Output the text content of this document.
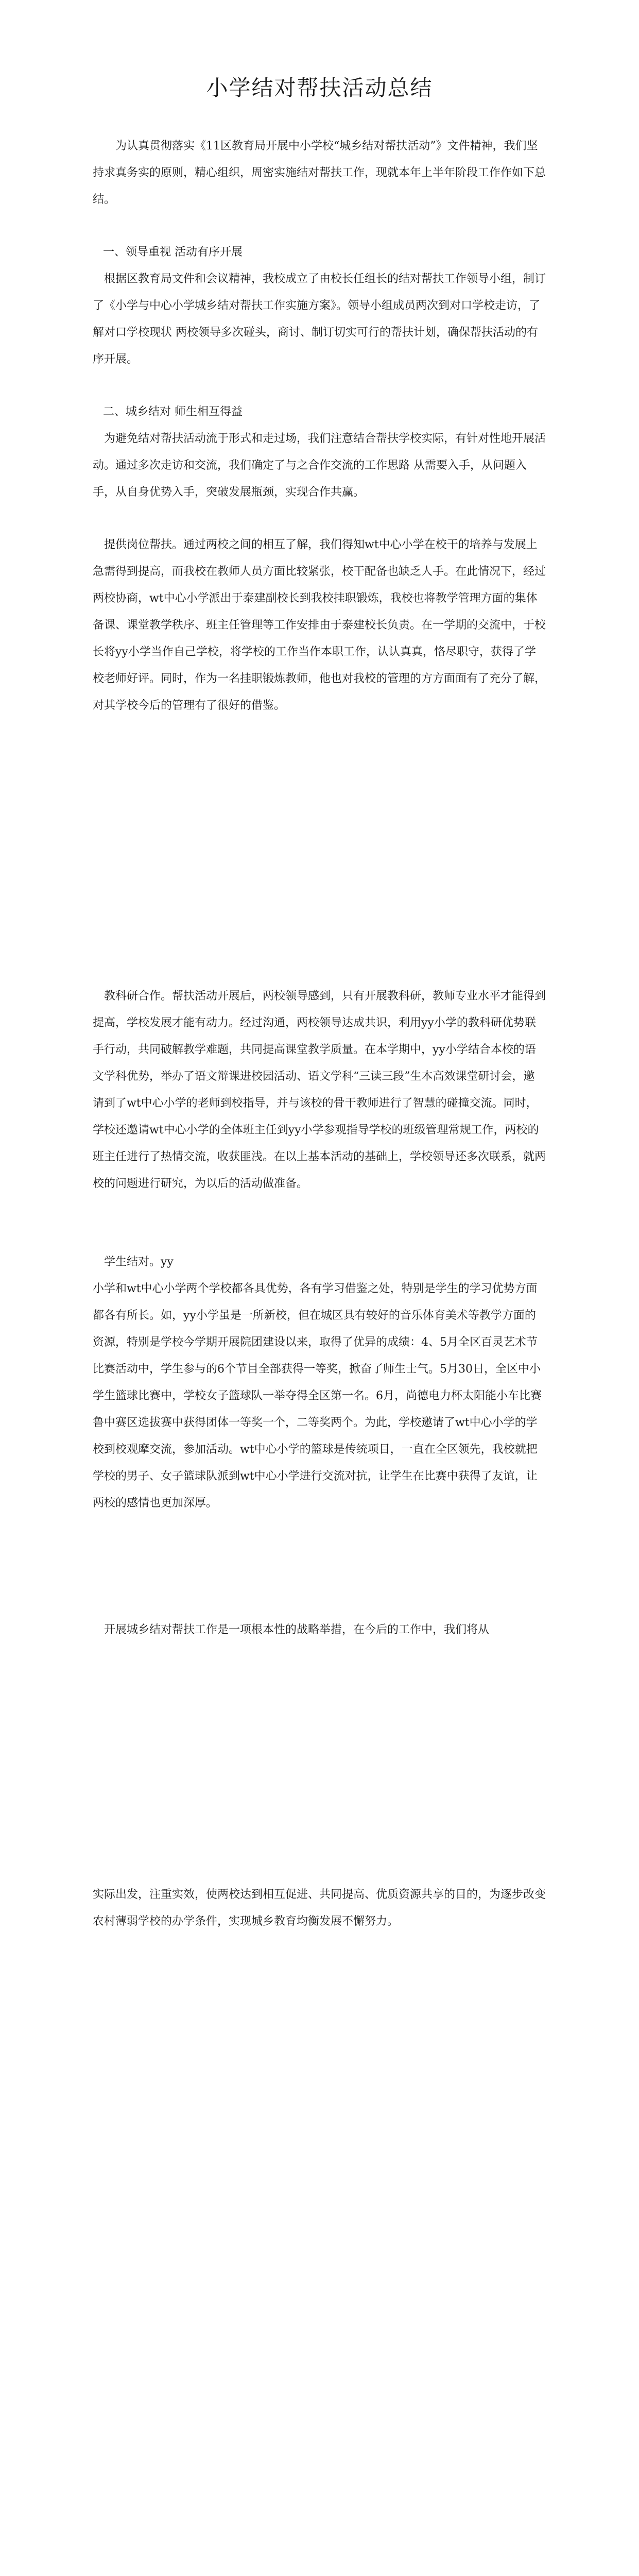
小学结对帮扶活动总结

为认真贯彻落实《11区教育局开展中小学校“城乡结对帮扶活动”》文件精神，我们坚持求真务实的原则，精心组织，周密实施结对帮扶工作，现就本年上半年阶段工作作如下总结。

一、领导重视 活动有序开展

根据区教育局文件和会议精神，我校成立了由校长任组长的结对帮扶工作领导小组，制订了《小学与中心小学城乡结对帮扶工作实施方案》。领导小组成员两次到对口学校走访，了解对口学校现状 两校领导多次碰头，商讨、制订切实可行的帮扶计划，确保帮扶活动的有序开展。

二、城乡结对 师生相互得益

为避免结对帮扶活动流于形式和走过场，我们注意结合帮扶学校实际，有针对性地开展活动。通过多次走访和交流，我们确定了与之合作交流的工作思路 从需要入手，从问题入手，从自身优势入手，突破发展瓶颈，实现合作共赢。

提供岗位帮扶。通过两校之间的相互了解，我们得知wt中心小学在校干的培养与发展上急需得到提高，而我校在教师人员方面比较紧张，校干配备也缺乏人手。在此情况下，经过两校协商，wt中心小学派出于泰建副校长到我校挂职锻炼，我校也将教学管理方面的集体备课、课堂教学秩序、班主任管理等工作安排由于泰建校长负责。在一学期的交流中，于校长将yy小学当作自己学校，将学校的工作当作本职工作，认认真真，恪尽职守，获得了学校老师好评。同时，作为一名挂职锻炼教师，他也对我校的管理的方方面面有了充分了解，对其学校今后的管理有了很好的借鉴。

教科研合作。帮扶活动开展后，两校领导感到，只有开展教科研，教师专业水平才能得到提高，学校发展才能有动力。经过沟通，两校领导达成共识，利用yy小学的教科研优势联手行动，共同破解教学难题，共同提高课堂教学质量。在本学期中，yy小学结合本校的语文学科优势，举办了语文辩课进校园活动、语文学科“三读三段”生本高效课堂研讨会，邀请到了wt中心小学的老师到校指导，并与该校的骨干教师进行了智慧的碰撞交流。同时，学校还邀请wt中心小学的全体班主任到yy小学参观指导学校的班级管理常规工作，两校的班主任进行了热情交流，收获匪浅。在以上基本活动的基础上，学校领导还多次联系，就两校的问题进行研究，为以后的活动做准备。

学生结对。yy

小学和wt中心小学两个学校都各具优势，各有学习借鉴之处，特别是学生的学习优势方面都各有所长。如，yy小学虽是一所新校，但在城区具有较好的音乐体育美术等教学方面的资源，特别是学校今学期开展院团建设以来，取得了优异的成绩：4、5月全区百灵艺术节比赛活动中，学生参与的6个节目全部获得一等奖，掀奋了师生士气。5月30日，全区中小学生篮球比赛中，学校女子篮球队一举夺得全区第一名。6月，尚德电力杯太阳能小车比赛鲁中赛区选拔赛中获得团体一等奖一个，二等奖两个。为此，学校邀请了wt中心小学的学校到校观摩交流，参加活动。wt中心小学的篮球是传统项目，一直在全区领先，我校就把学校的男子、女子篮球队派到wt中心小学进行交流对抗，让学生在比赛中获得了友谊，让两校的感情也更加深厚。

开展城乡结对帮扶工作是一项根本性的战略举措，在今后的工作中，我们将从

实际出发，注重实效，使两校达到相互促进、共同提高、优质资源共享的目的，为逐步改变农村薄弱学校的办学条件，实现城乡教育均衡发展不懈努力。
